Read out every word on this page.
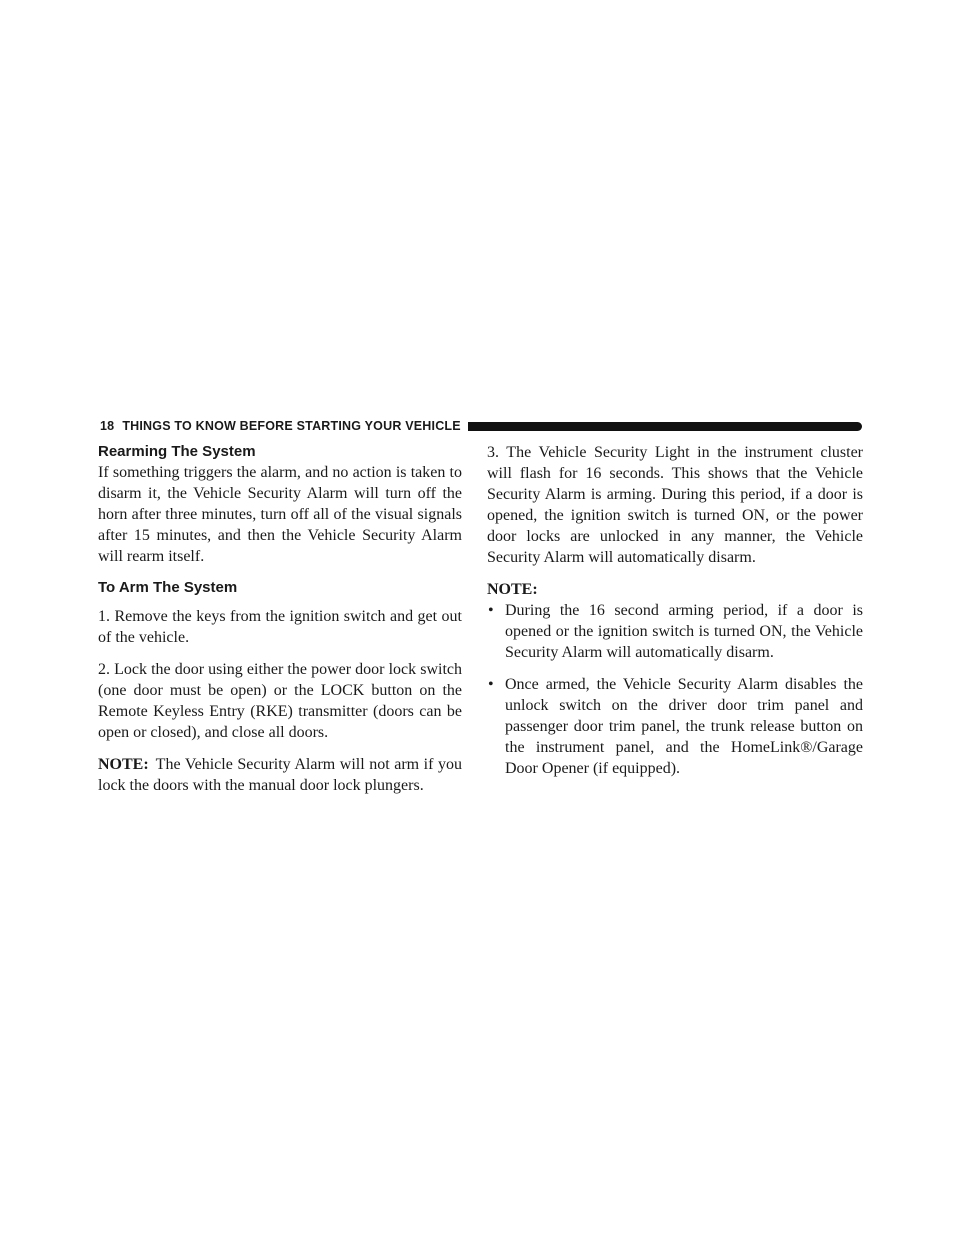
18 THINGS TO KNOW BEFORE STARTING YOUR VEHICLE
Rearming The System

If something triggers the alarm, and no action is taken to disarm it, the Vehicle Security Alarm will turn off the horn after three minutes, turn off all of the visual signals after 15 minutes, and then the Vehicle Security Alarm will rearm itself.

To Arm The System

1. Remove the keys from the ignition switch and get out of the vehicle.

2. Lock the door using either the power door lock switch (one door must be open) or the LOCK button on the Remote Keyless Entry (RKE) transmitter (doors can be open or closed), and close all doors.

NOTE: The Vehicle Security Alarm will not arm if you lock the doors with the manual door lock plungers.

3. The Vehicle Security Light in the instrument cluster will flash for 16 seconds. This shows that the Vehicle Security Alarm is arming. During this period, if a door is opened, the ignition switch is turned ON, or the power door locks are unlocked in any manner, the Vehicle Security Alarm will automatically disarm.

NOTE:
• During the 16 second arming period, if a door is opened or the ignition switch is turned ON, the Vehicle Security Alarm will automatically disarm.
• Once armed, the Vehicle Security Alarm disables the unlock switch on the driver door trim panel and passenger door trim panel, the trunk release button on the instrument panel, and the HomeLink®/Garage Door Opener (if equipped).
